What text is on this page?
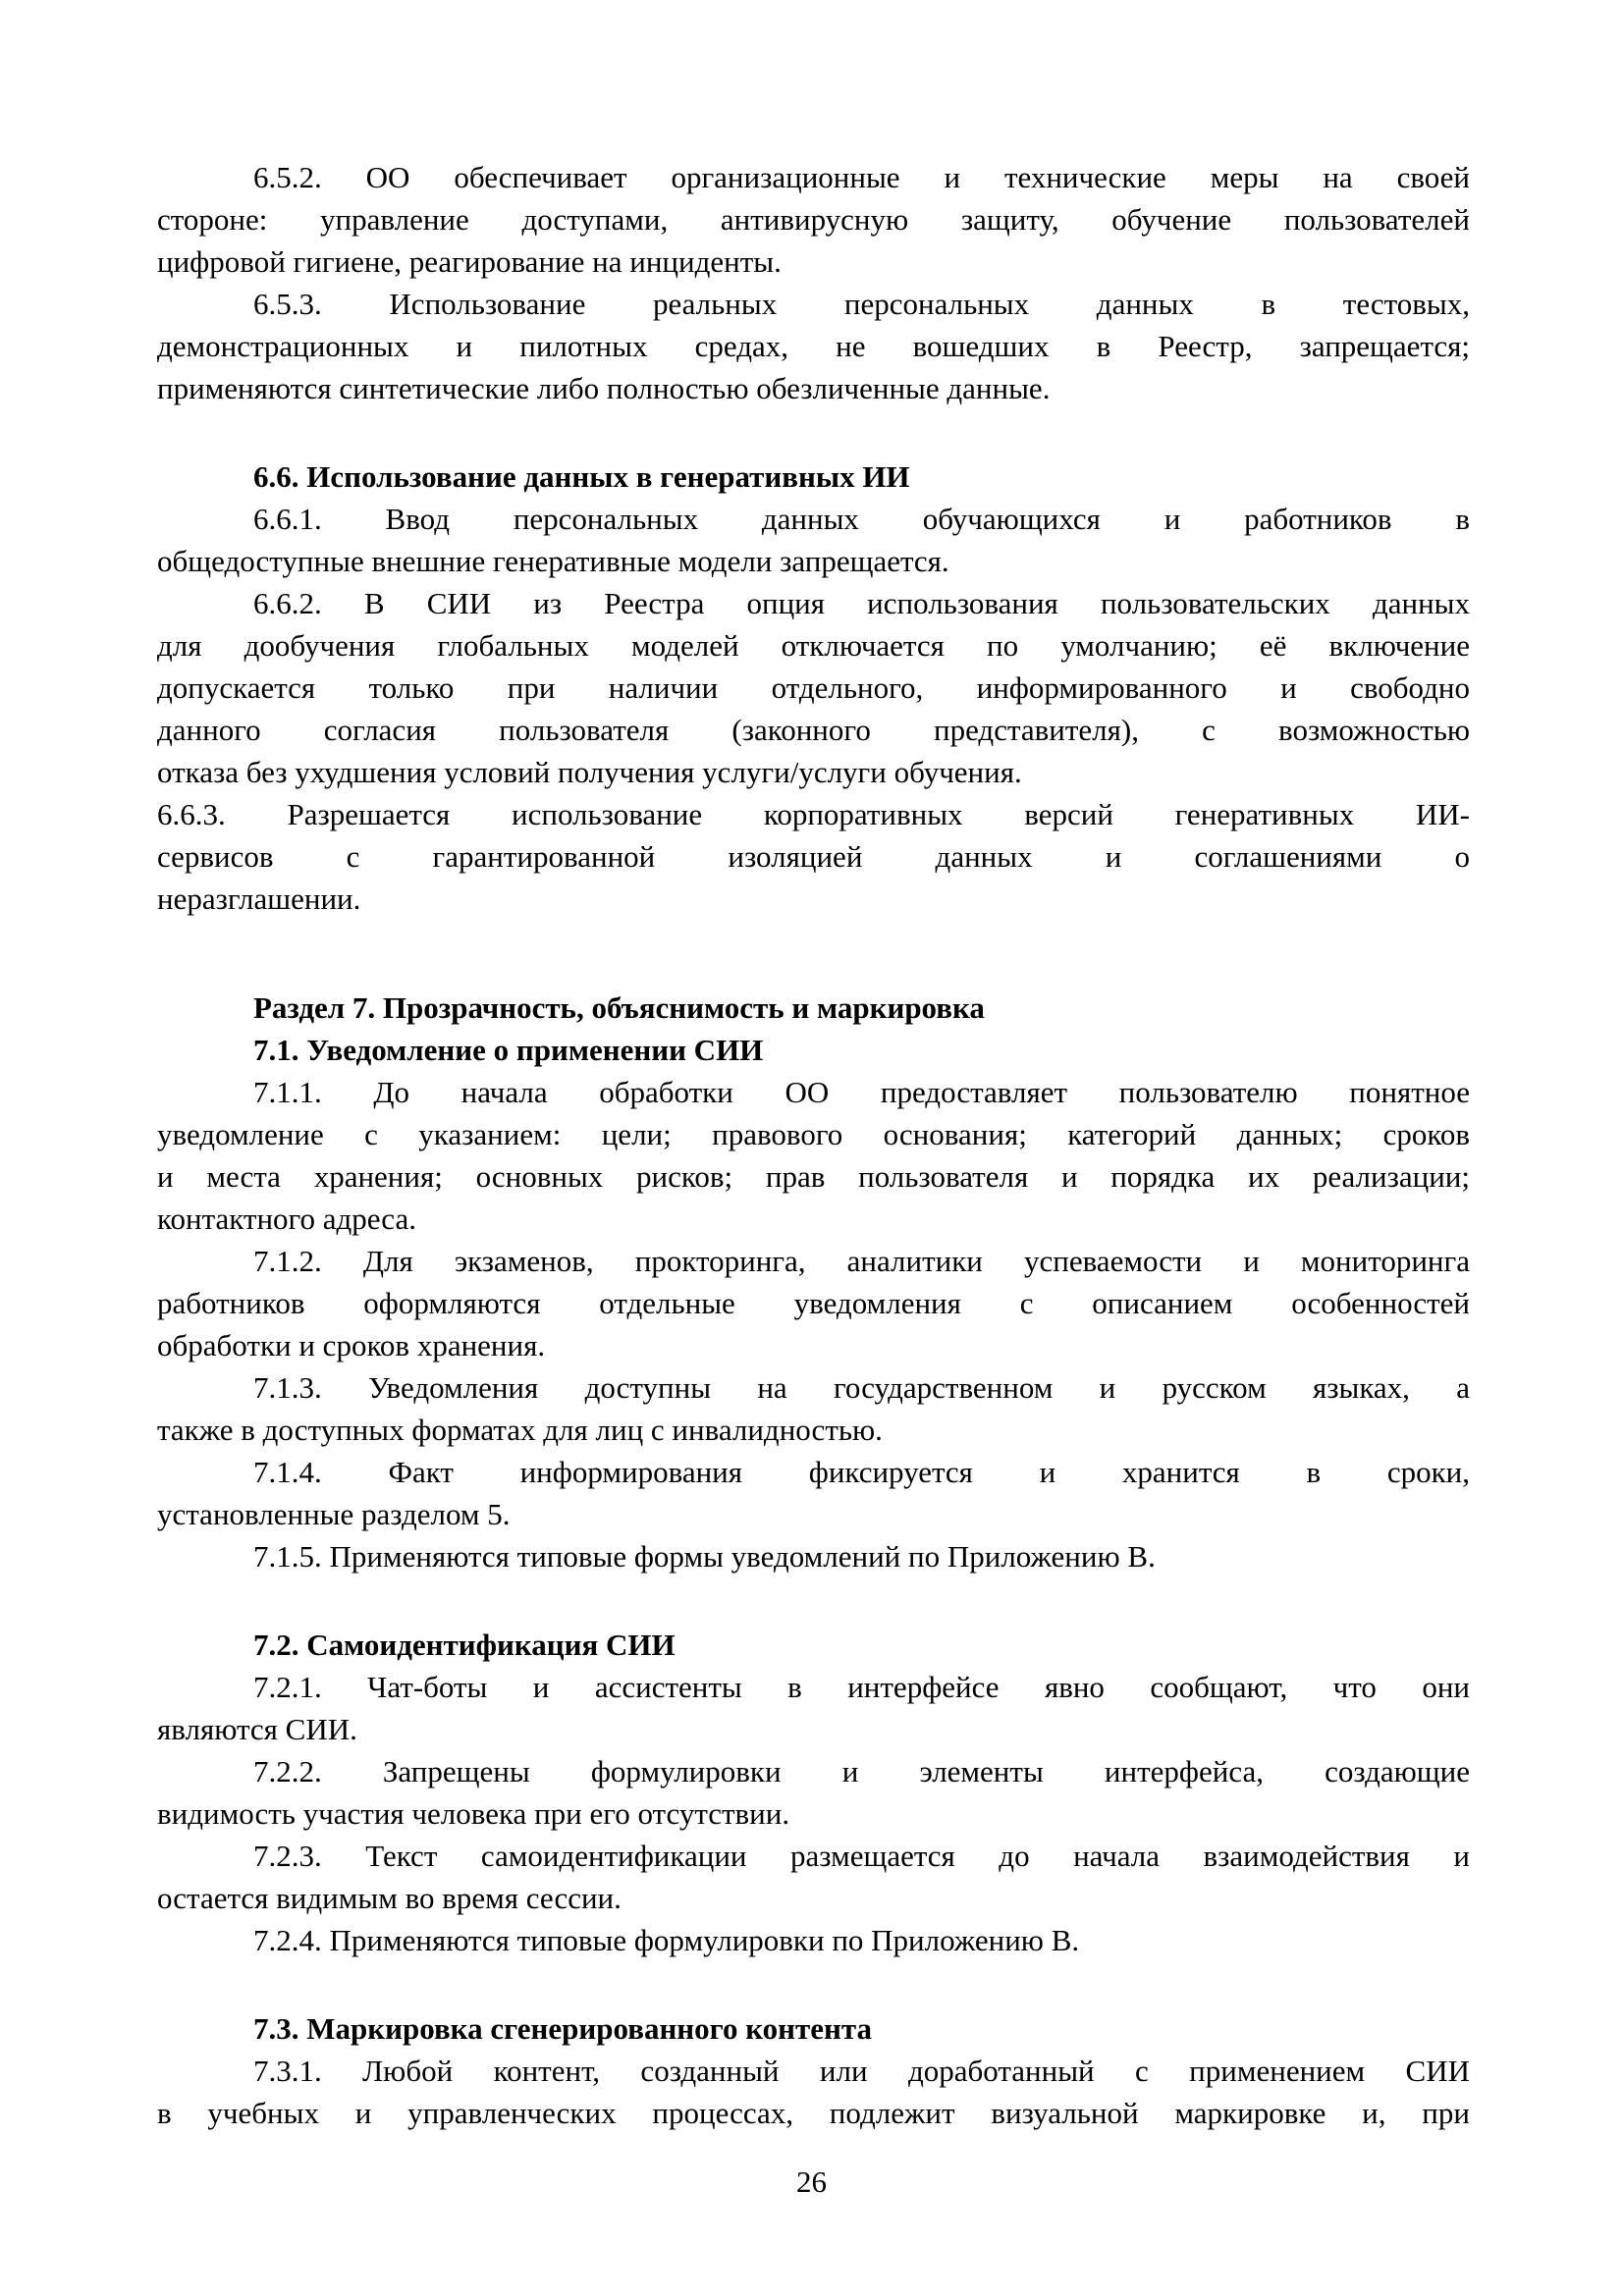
6.5.2. ОО обеспечивает организационные и технические меры на своей
стороне: управление доступами, антивирусную защиту, обучение пользователей
цифровой гигиене, реагирование на инциденты.

6.5.3. Использование реальных персональных данных в тестовых,
демонстрационных и пилотных средах, не вошедших в Реестр, запрещается;
применяются синтетические либо полностью обезличенные данные.

6.6. Использование данных в генеративных ИИ

6.6.1. Ввод персональных данных обучающихся и работников в
общедоступные внешние генеративные модели запрещается.

6.6.2. В СИИ из Реестра опция использования пользовательских данных
для дообучения глобальных моделей отключается по умолчанию; её включение
допускается только при наличии отдельного, информированного и свободно
данного согласия пользователя (законного представителя), с возможностью
отказа без ухудшения условий получения услуги/услуги обучения.

6.6.3. Разрешается использование корпоративных версий генеративных ИИ-
сервисов с гарантированной изоляцией данных и соглашениями о
неразглашении.

Раздел 7. Прозрачность, объяснимость и маркировка
7.1. Уведомление о применении СИИ

7.1.1. До начала обработки ОО предоставляет пользователю понятное
уведомление с указанием: цели; правового основания; категорий данных; сроков
и места хранения; основных рисков; прав пользователя и порядка их реализации;
контактного адреса.

7.1.2. Для экзаменов, прокторинга, аналитики успеваемости и мониторинга
работников оформляются отдельные уведомления с описанием особенностей
обработки и сроков хранения.

7.1.3. Уведомления доступны на государственном и русском языках, а
также в доступных форматах для лиц с инвалидностью.

7.1.4. Факт информирования фиксируется и хранится в сроки,
установленные разделом 5.

7.1.5. Применяются типовые формы уведомлений по Приложению В.

7.2. Самоидентификация СИИ

7.2.1. Чат-боты и ассистенты в интерфейсе явно сообщают, что они
являются СИИ.

7.2.2. Запрещены формулировки и элементы интерфейса, создающие
видимость участия человека при его отсутствии.

7.2.3. Текст самоидентификации размещается до начала взаимодействия и
остается видимым во время сессии.

7.2.4. Применяются типовые формулировки по Приложению В.

7.3. Маркировка сгенерированного контента

7.3.1. Любой контент, созданный или доработанный с применением СИИ
в учебных и управленческих процессах, подлежит визуальной маркировке и, при

26
